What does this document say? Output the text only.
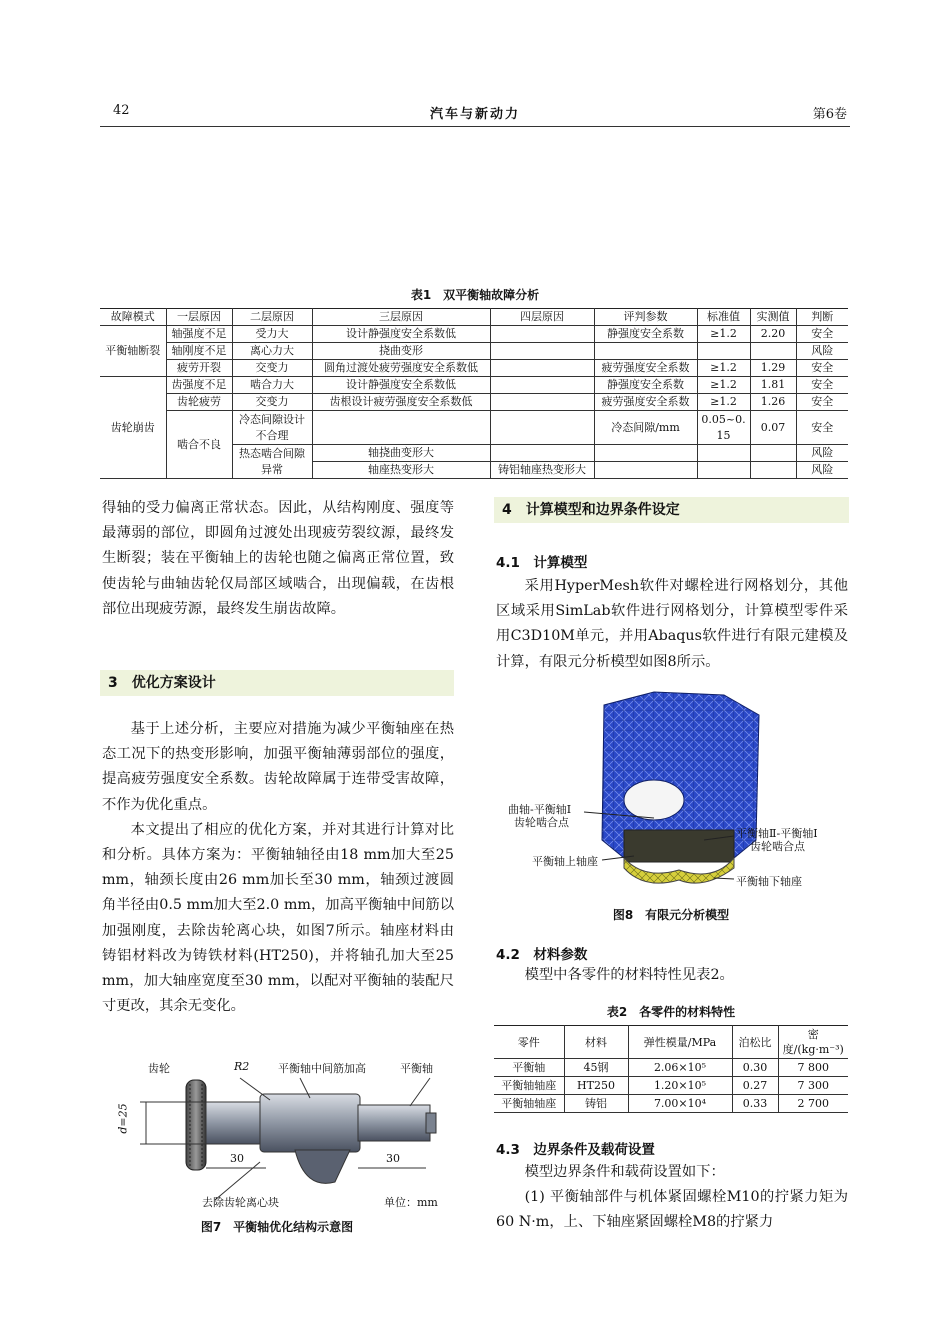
42	汽车与新动力	第6卷
表1　双平衡轴故障分析
故障模式	一层原因	二层原因	三层原因	四层原因	评判参数	标准值	实测值	判断
平衡轴断裂	轴强度不足	受力大	设计静强度安全系数低		静强度安全系数	≥1.2	2.20	安全
	轴刚度不足	离心力大	挠曲变形					风险
	疲劳开裂	交变力	圆角过渡处疲劳强度安全系数低		疲劳强度安全系数	≥1.2	1.29	安全
齿轮崩齿	齿强度不足	啮合力大	设计静强度安全系数低		静强度安全系数	≥1.2	1.81	安全
	齿轮疲劳	交变力	齿根设计疲劳强度安全系数低		疲劳强度安全系数	≥1.2	1.26	安全
	啮合不良	冷态间隙设计不合理			冷态间隙/mm	0.05~0.15	0.07	安全
		热态啮合间隙异常	轴挠曲变形大					风险
			轴座热变形大	铸铝轴座热变形大				风险

得轴的受力偏离正常状态。因此，从结构刚度、强度等最薄弱的部位，即圆角过渡处出现疲劳裂纹源，最终发生断裂；装在平衡轴上的齿轮也随之偏离正常位置，致使齿轮与曲轴齿轮仅局部区域啮合，出现偏载，在齿根部位出现疲劳源，最终发生崩齿故障。

3　优化方案设计

基于上述分析，主要应对措施为减少平衡轴座在热态工况下的热变形影响，加强平衡轴薄弱部位的强度，提高疲劳强度安全系数。齿轮故障属于连带受害故障，不作为优化重点。

本文提出了相应的优化方案，并对其进行计算对比和分析。具体方案为：平衡轴轴径由18 mm加大至25 mm，轴颈长度由26 mm加长至30 mm，轴颈过渡圆角半径由0.5 mm加大至2.0 mm，加高平衡轴中间筋以加强刚度，去除齿轮离心块，如图7所示。轴座材料由铸铝材料改为铸铁材料(HT250)，并将轴孔加大至25 mm，加大轴座宽度至30 mm，以配对平衡轴的装配尺寸更改，其余无变化。

齿轮	R2	平衡轴中间筋加高	平衡轴
d=25
30	30
去除齿轮离心块	单位：mm
图7　平衡轴优化结构示意图
4　计算模型和边界条件设定
4.1　计算模型

采用HyperMesh软件对螺栓进行网格划分，其他区域采用SimLab软件进行网格划分，计算模型零件采用C3D10M单元，并用Abaqus软件进行有限元建模及计算，有限元分析模型如图8所示。

曲轴-平衡轴Ⅰ
齿轮啮合点
平衡轴Ⅱ-平衡轴Ⅰ
齿轮啮合点
平衡轴上轴座
平衡轴下轴座
图8　有限元分析模型
4.2　材料参数

模型中各零件的材料特性见表2。

表2　各零件的材料特性
零件	材料	弹性模量/MPa	泊松比	密度/(kg·m⁻³)
平衡轴	45钢	2.06×10⁵	0.30	7 800
平衡轴轴座	HT250	1.20×10⁵	0.27	7 300
平衡轴轴座	铸铝	7.00×10⁴	0.33	2 700
4.3　边界条件及载荷设置

模型边界条件和载荷设置如下：

(1) 平衡轴部件与机体紧固螺栓M10的拧紧力矩为60 N·m，上、下轴座紧固螺栓M8的拧紧力
